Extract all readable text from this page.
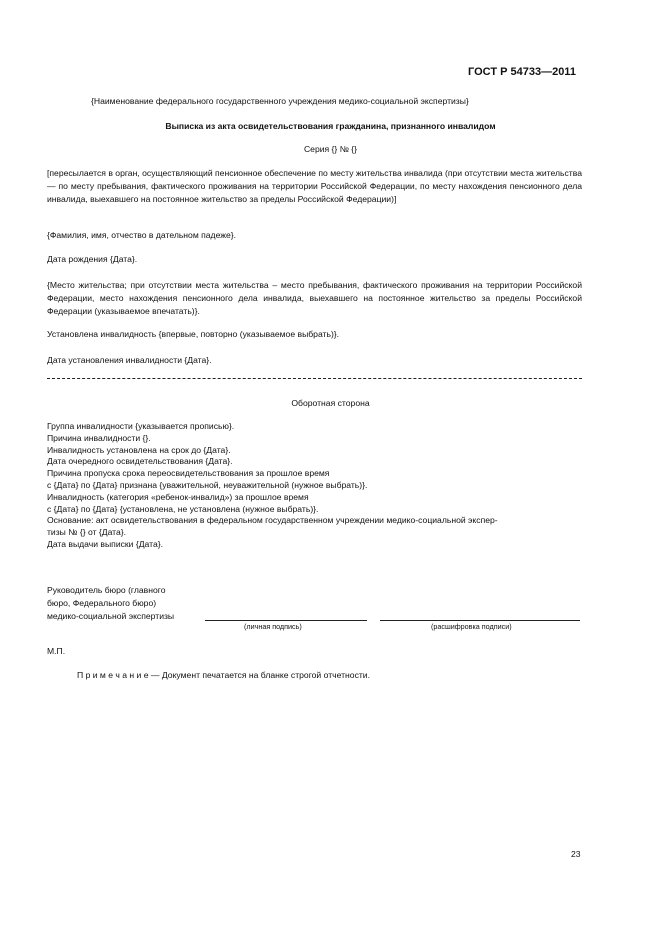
ГОСТ Р 54733—2011
{Наименование федерального государственного учреждения медико-социальной экспертизы}
Выписка из акта освидетельствования гражданина, признанного инвалидом
Серия {} № {}
[пересылается в орган, осуществляющий пенсионное обеспечение по месту жительства инвалида (при отсутствии места жительства — по месту пребывания, фактического проживания на территории Российской Федерации, по месту нахождения пенсионного дела инвалида, выехавшего на постоянное жительство за пределы Российской Федерации)]
{Фамилия, имя, отчество в дательном падеже}.
Дата рождения {Дата}.
{Место жительства; при отсутствии места жительства – место пребывания, фактического проживания на территории Российской Федерации, место нахождения пенсионного дела инвалида, выехавшего на постоянное жительство за пределы Российской Федерации (указываемое впечатать)}.
Установлена инвалидность {впервые, повторно (указываемое выбрать)}.
Дата установления инвалидности {Дата}.
Оборотная сторона
Группа инвалидности {указывается прописью}.
Причина инвалидности {}.
Инвалидность установлена на срок до {Дата}.
Дата очередного освидетельствования {Дата}.
Причина пропуска срока переосвидетельствования за прошлое время
с {Дата} по {Дата} признана {уважительной, неуважительной (нужное выбрать)}.
Инвалидность (категория «ребенок-инвалид») за прошлое время
с {Дата} по {Дата} {установлена, не установлена (нужное выбрать)}.
Основание: акт освидетельствования в федеральном государственном учреждении медико-социальной экспер-
тизы № {} от {Дата}.
Дата выдачи выписки {Дата}.
Руководитель бюро (главного
бюро, Федерального бюро)
медико-социальной экспертизы
(личная подпись)	(расшифровка подписи)
М.П.
П р и м е ч а н и е — Документ печатается на бланке строгой отчетности.
23
